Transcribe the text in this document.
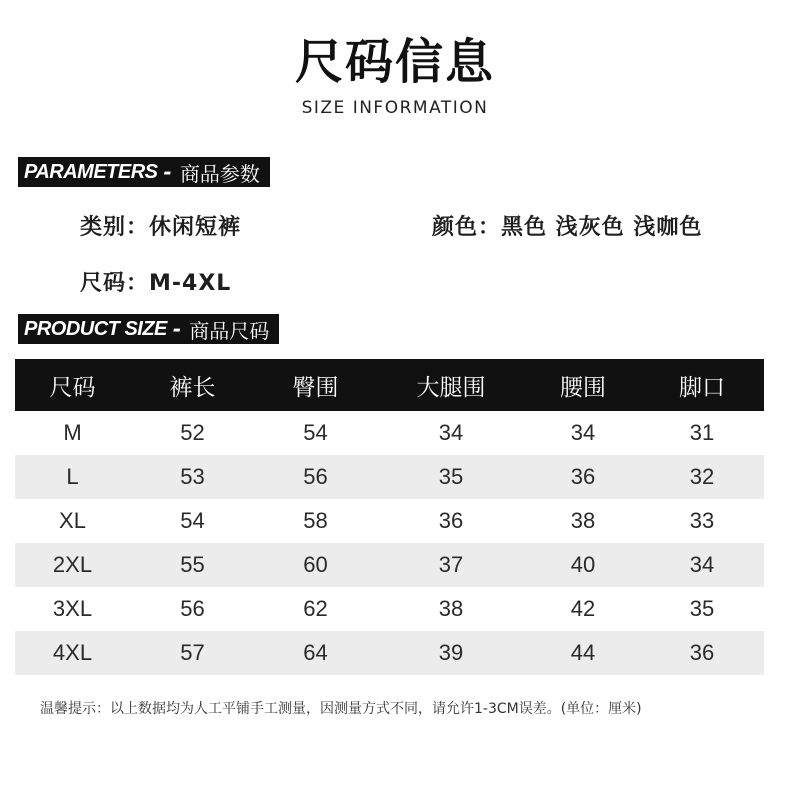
尺码信息
SIZE INFORMATION
PARAMETERS - 商品参数
类别：休闲短裤	颜色：黑色 浅灰色 浅咖色
尺码：M-4XL
PRODUCT SIZE - 商品尺码
尺码	裤长	臀围	大腿围	腰围	脚口
M	52	54	34	34	31
L	53	56	35	36	32
XL	54	58	36	38	33
2XL	55	60	37	40	34
3XL	56	62	38	42	35
4XL	57	64	39	44	36
温馨提示：以上数据均为人工平铺手工测量，因测量方式不同，请允许1-3CM误差。(单位：厘米)
